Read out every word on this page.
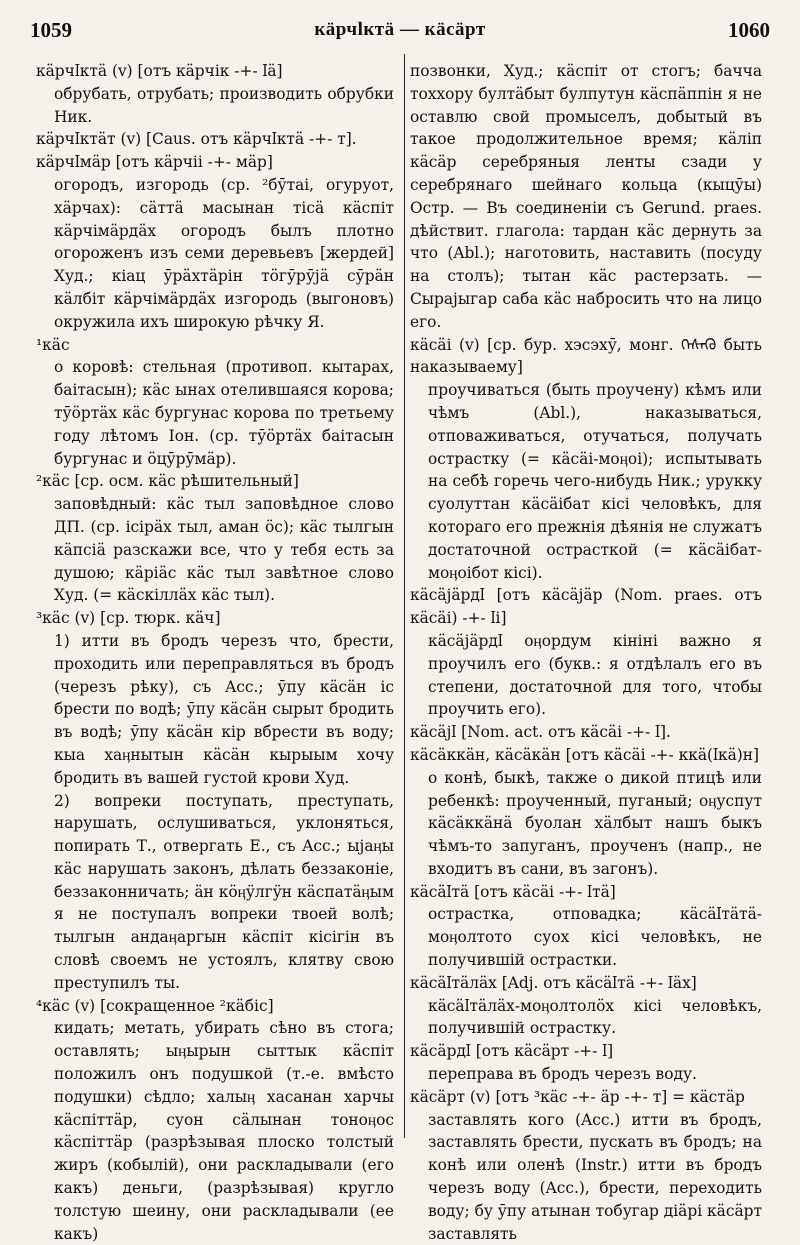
1059	кӓрчӏктӓ — кӓсӓрт	1060
кӓрчӏктӓ (v) [отъ кӓрчік -+- ӏӓ]
обрубать, отрубать; производить обрубки Ник.
кӓрчӏктӓт (v) [Caus. отъ кӓрчӏктӓ -+- т].
кӓрчӏмӓр [отъ кӓрчіі -+- мӓр]
огородъ, изгородь (ср. ²бӯтаі, огуруот, хӓрчах): сӓттӓ масынан тісӓ кӓспіт кӓрчімӓрдӓх огородъ былъ плотно огороженъ изъ семи деревьевъ [жердей] Худ.; кіац ӯрӓхтӓрін тӧгӯрӯјӓ сӯрӓн кӓлбіт кӓрчімӓрдӓх изгородь (выгоновъ) окружила ихъ широкую рѣчку Я.
¹кӓс
о коровѣ: стельная (противоп. кытарах, баітасын); кӓс ынах отелившаяся корова; тӯӧртӓх кӓс бургунас корова по третьему году лѣтомъ Іон. (ср. тӯӧртӓх баітасын бургунас и ӧцӯрӯмӓр).
²кӓс [ср. осм. кӓс рѣшительный]
заповѣдный: кӓс тыл заповѣдное слово ДП. (ср. ісірӓх тыл, аман ӧс); кӓс тылгын кӓпсіӓ разскажи все, что у тебя есть за душою; кӓріӓс кӓс тыл завѣтное слово Худ. (= кӓскіллӓх кӓс тыл).
³кӓс (v) [ср. тюрк. кӓч]
1) итти въ бродъ черезъ что, брести, проходить или переправляться въ бродъ (черезъ рѣку), съ Acc.; ӯпу кӓсӓн іс брести по водѣ; ӯпу кӓсӓн сырыт бродить въ водѣ; ӯпу кӓсӓн кір вбрести въ воду; кыа хаӊнытын кӓсӓн кырыым хочу бродить въ вашей густой крови Худ.
2) вопреки поступать, преступать, нарушать, ослушиваться, уклоняться, попирать Т., отвергать Е., съ Acc.; ыјаӊы кӓс нарушать законъ, дѣлать беззаконіе, беззаконничать; ӓн кӧӊӱлгӱн кӓспатӓӊым я не поступалъ вопреки твоей волѣ; тылгын андаӊаргын кӓспіт кісігін въ словѣ своемъ не устоялъ, клятву свою преступилъ ты.
⁴кӓс (v) [сокращенное ²кӓбіс]
кидать; метать, убирать сѣно въ стога; оставлять; ыӊырын сыттык кӓспіт положилъ онъ подушкой (т.-е. вмѣсто подушки) сѣдло; халыӊ хасанан харчы кӓспіттӓр, суон сӓлынан тоноӊос кӓспіттӓр (разрѣзывая плоско толстый жиръ (кобылій), они раскладывали (его какъ) деньги, (разрѣзывая) кругло толстую шеину, они раскладывали (ее какъ)
позвонки, Худ.; кӓспіт от стогъ; бачча тоххору бултӓбыт булпутун кӓспӓппін я не оставлю свой промыселъ, добытый въ такое продолжительное время; кӓліп кӓсӓр серебряныя ленты сзади у серебрянаго шейнаго кольца (кыцӯы) Остр. — Въ соединеніи съ Gerund. praes. дѣйствит. глагола: тардан кӓс дернуть за что (Abl.); наготовить, наставить (посуду на столъ); тытан кӓс растерзать. — Сырајыгар саба кӓс набросить что на лицо его.
кӓсӓі (v) [ср. бур. хэсэхӯ, монг. ᠬᠡᠰᠡᠬᠦ быть наказываему]
проучиваться (быть проучену) кѣмъ или чѣмъ (Abl.), наказываться, отповаживаться, отучаться, получать острастку (= кӓсӓі-моӊоі); испытывать на себѣ горечь чего-нибудь Ник.; урукку суолуттан кӓсӓібат кісі человѣкъ, для котораго его прежнія дѣянія не служатъ достаточной острасткой (= кӓсӓібат-моӊоібот кісі).
кӓсӓјӓрдӏ [отъ кӓсӓјӓр (Nom. praes. отъ кӓсӓі) -+- ӏі]
кӓсӓјӓрдӏ оӊордум кініні важно я проучилъ его (букв.: я отдѣлалъ его въ степени, достаточной для того, чтобы проучить его).
кӓсӓјӏ [Nom. act. отъ кӓсӓі -+- ӏ].
кӓсӓккӓн, кӓсӓкӓн [отъ кӓсӓі -+- ккӓ(ӏкӓ)н]
о конѣ, быкѣ, также о дикой птицѣ или ребенкѣ: проученный, пуганый; оӊуспут кӓсӓккӓнӓ буолан хӓлбыт нашъ быкъ чѣмъ-то запуганъ, проученъ (напр., не входитъ въ сани, въ загонъ).
кӓсӓӏтӓ [отъ кӓсӓі -+- ӏтӓ]
острастка, отповадка; кӓсӓӏтӓтӓ-моӊолтото суох кісі человѣкъ, не получившій острастки.
кӓсӓӏтӓлӓх [Adj. отъ кӓсӓӏтӓ -+- ӏӓх]
кӓсӓӏтӓлӓх-моӊолтолӧх кісі человѣкъ, получившій острастку.
кӓсӓрдӏ [отъ кӓсӓрт -+- ӏ]
переправа въ бродъ черезъ воду.
кӓсӓрт (v) [отъ ³кӓс -+- ӓр -+- т] = кӓстӓр
заставлять кого (Acc.) итти въ бродъ, заставлять брести, пускать въ бродъ; на конѣ или оленѣ (Instr.) итти въ бродъ черезъ воду (Acc.), брести, переходить воду; бу ӯпу атынан тобугар діӓрі кӓсӓрт заставлять
